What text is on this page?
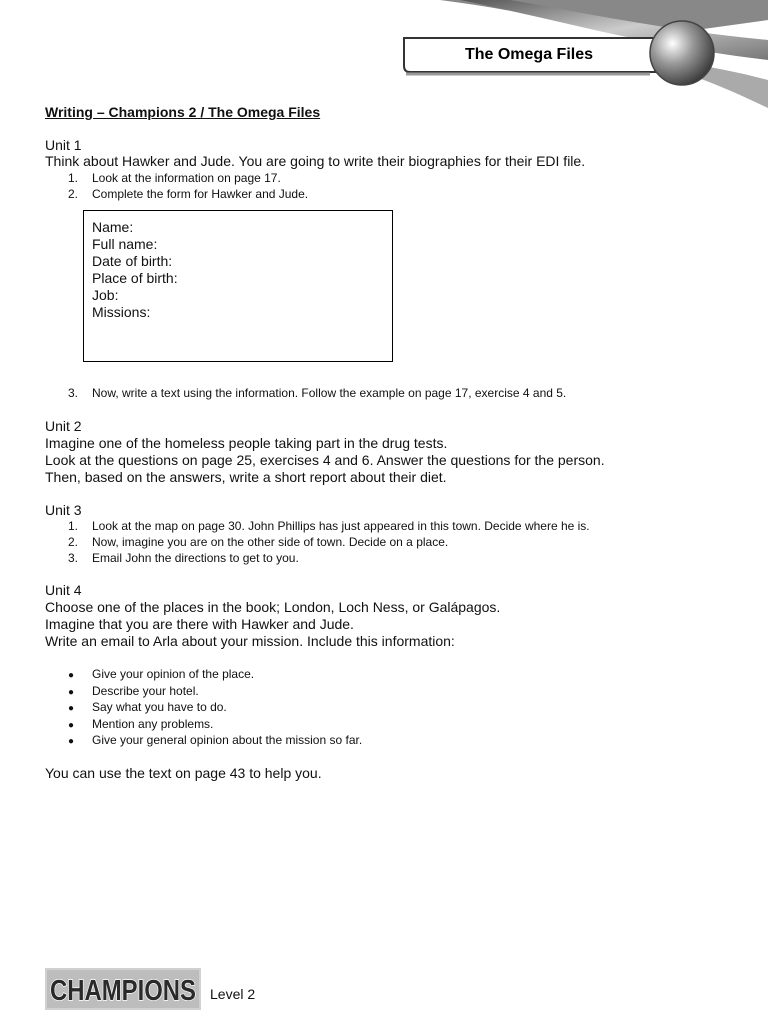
The Omega Files
Writing – Champions 2 / The Omega Files
Unit 1
Think about Hawker and Jude. You are going to write their biographies for their EDI file.
1. Look at the information on page 17.
2. Complete the form for Hawker and Jude.
Name:
Full name:
Date of birth:
Place of birth:
Job:
Missions:
3. Now, write a text using the information. Follow the example on page 17, exercise 4 and 5.
Unit 2
Imagine one of the homeless people taking part in the drug tests.
Look at the questions on page 25, exercises 4 and 6. Answer the questions for the person.
Then, based on the answers, write a short report about their diet.
Unit 3
1. Look at the map on page 30. John Phillips has just appeared in this town. Decide where he is.
2. Now, imagine you are on the other side of town. Decide on a place.
3. Email John the directions to get to you.
Unit 4
Choose one of the places in the book; London, Loch Ness, or Galápagos.
Imagine that you are there with Hawker and Jude.
Write an email to Arla about your mission. Include this information:
● Give your opinion of the place.
● Describe your hotel.
● Say what you have to do.
● Mention any problems.
● Give your general opinion about the mission so far.
You can use the text on page 43 to help you.
CHAMPIONS Level 2
